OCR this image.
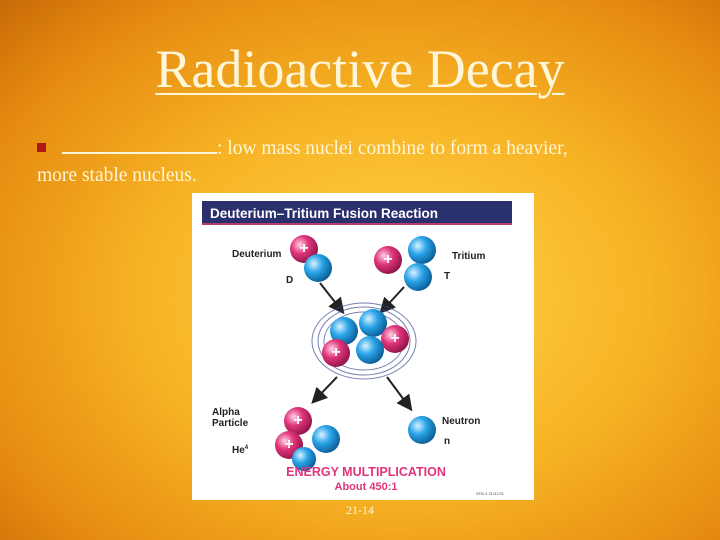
Radioactive Decay
: low mass nuclei combine to form a heavier,
more stable nucleus.
Deuterium–Tritium Fusion Reaction
Deuterium
D
+	Tritium
T
+
+
+
Alpha
Particle
$He^4$
+
+
Neutron
n
ENERGY MULTIPLICATION
About 450:1
SFB-3 31/31/31
21-14
